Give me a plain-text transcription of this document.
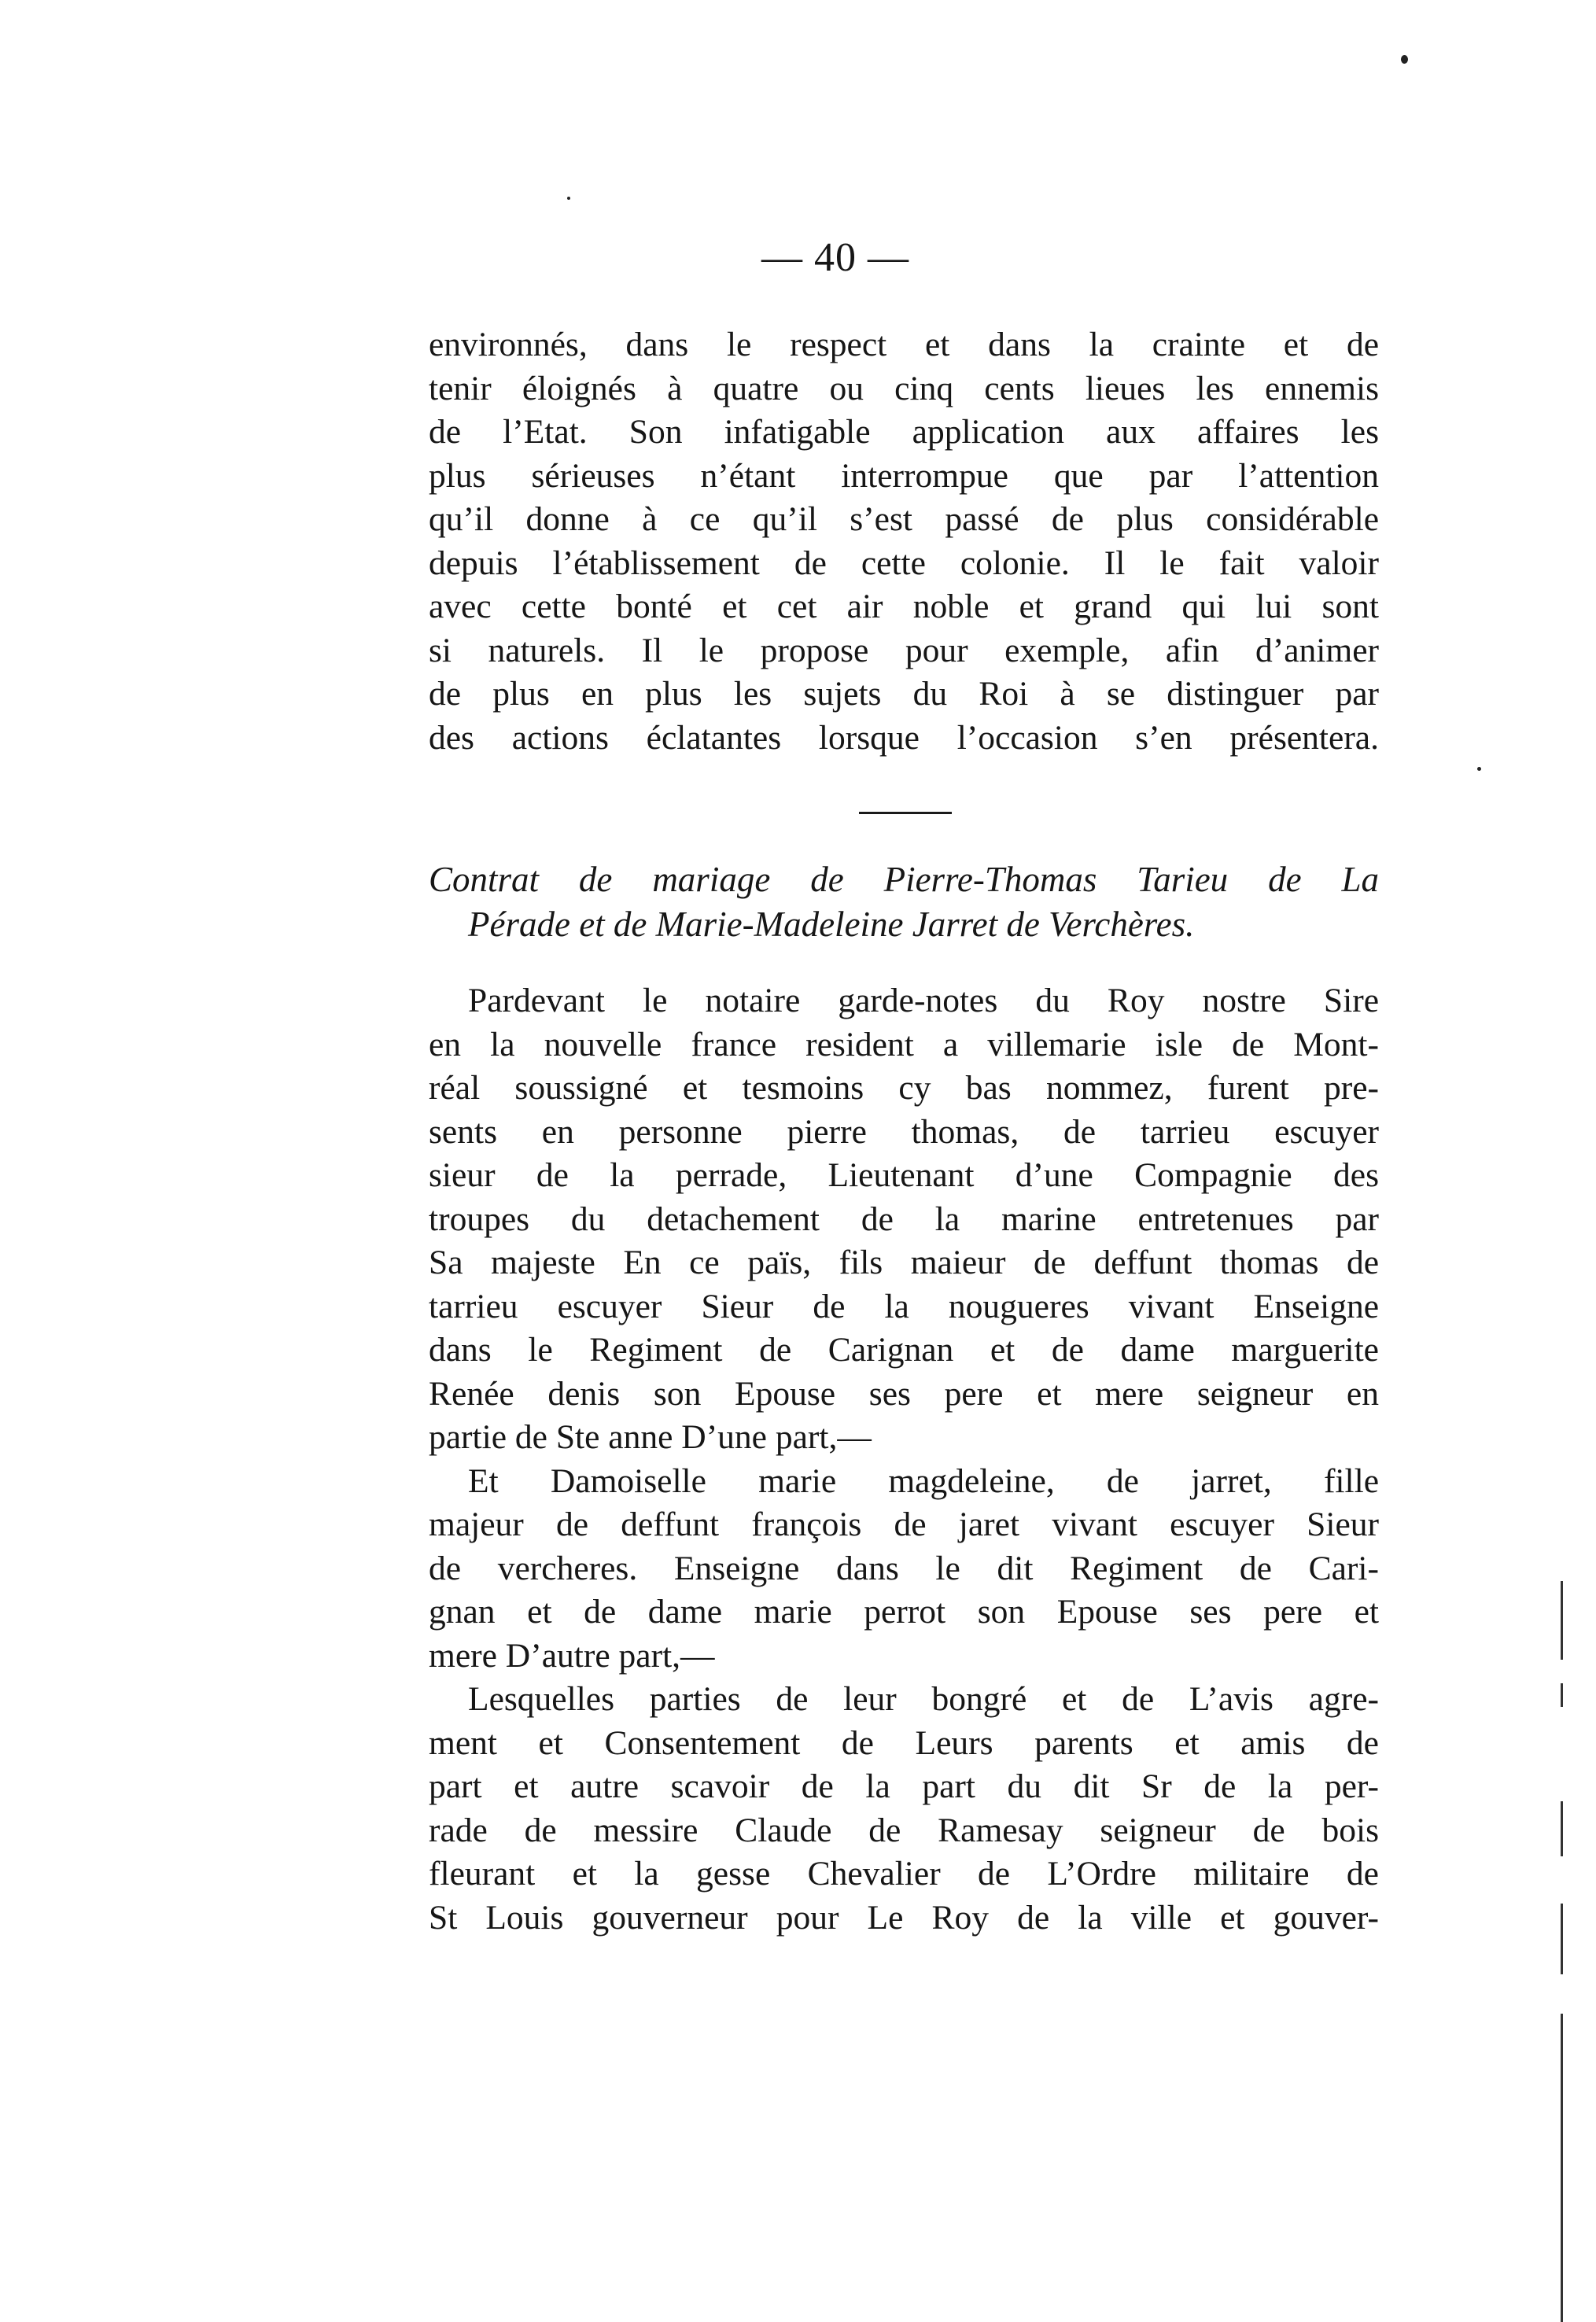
— 40 —
environnés, dans le respect et dans la crainte et de
tenir éloignés à quatre ou cinq cents lieues les ennemis
de l’Etat. Son infatigable application aux affaires les
plus sérieuses n’étant interrompue que par l’attention
qu’il donne à ce qu’il s’est passé de plus considérable
depuis l’établissement de cette colonie. Il le fait valoir
avec cette bonté et cet air noble et grand qui lui sont
si naturels. Il le propose pour exemple, afin d’animer
de plus en plus les sujets du Roi à se distinguer par
des actions éclatantes lorsque l’occasion s’en présentera.
Contrat de mariage de Pierre-Thomas Tarieu de La
Pérade et de Marie-Madeleine Jarret de Verchères.
Pardevant le notaire garde-notes du Roy nostre Sire
en la nouvelle france resident a villemarie isle de Mont-
réal soussigné et tesmoins cy bas nommez, furent pre-
sents en personne pierre thomas, de tarrieu escuyer
sieur de la perrade, Lieutenant d’une Compagnie des
troupes du detachement de la marine entretenues par
Sa majeste En ce païs, fils maieur de deffunt thomas de
tarrieu escuyer Sieur de la nougueres vivant Enseigne
dans le Regiment de Carignan et de dame marguerite
Renée denis son Epouse ses pere et mere seigneur en
partie de Ste anne D’une part,—
Et Damoiselle marie magdeleine, de jarret, fille
majeur de deffunt françois de jaret vivant escuyer Sieur
de vercheres. Enseigne dans le dit Regiment de Cari-
gnan et de dame marie perrot son Epouse ses pere et
mere D’autre part,—
Lesquelles parties de leur bongré et de L’avis agre-
ment et Consentement de Leurs parents et amis de
part et autre scavoir de la part du dit Sr de la per-
rade de messire Claude de Ramesay seigneur de bois
fleurant et la gesse Chevalier de L’Ordre militaire de
St Louis gouverneur pour Le Roy de la ville et gouver-
